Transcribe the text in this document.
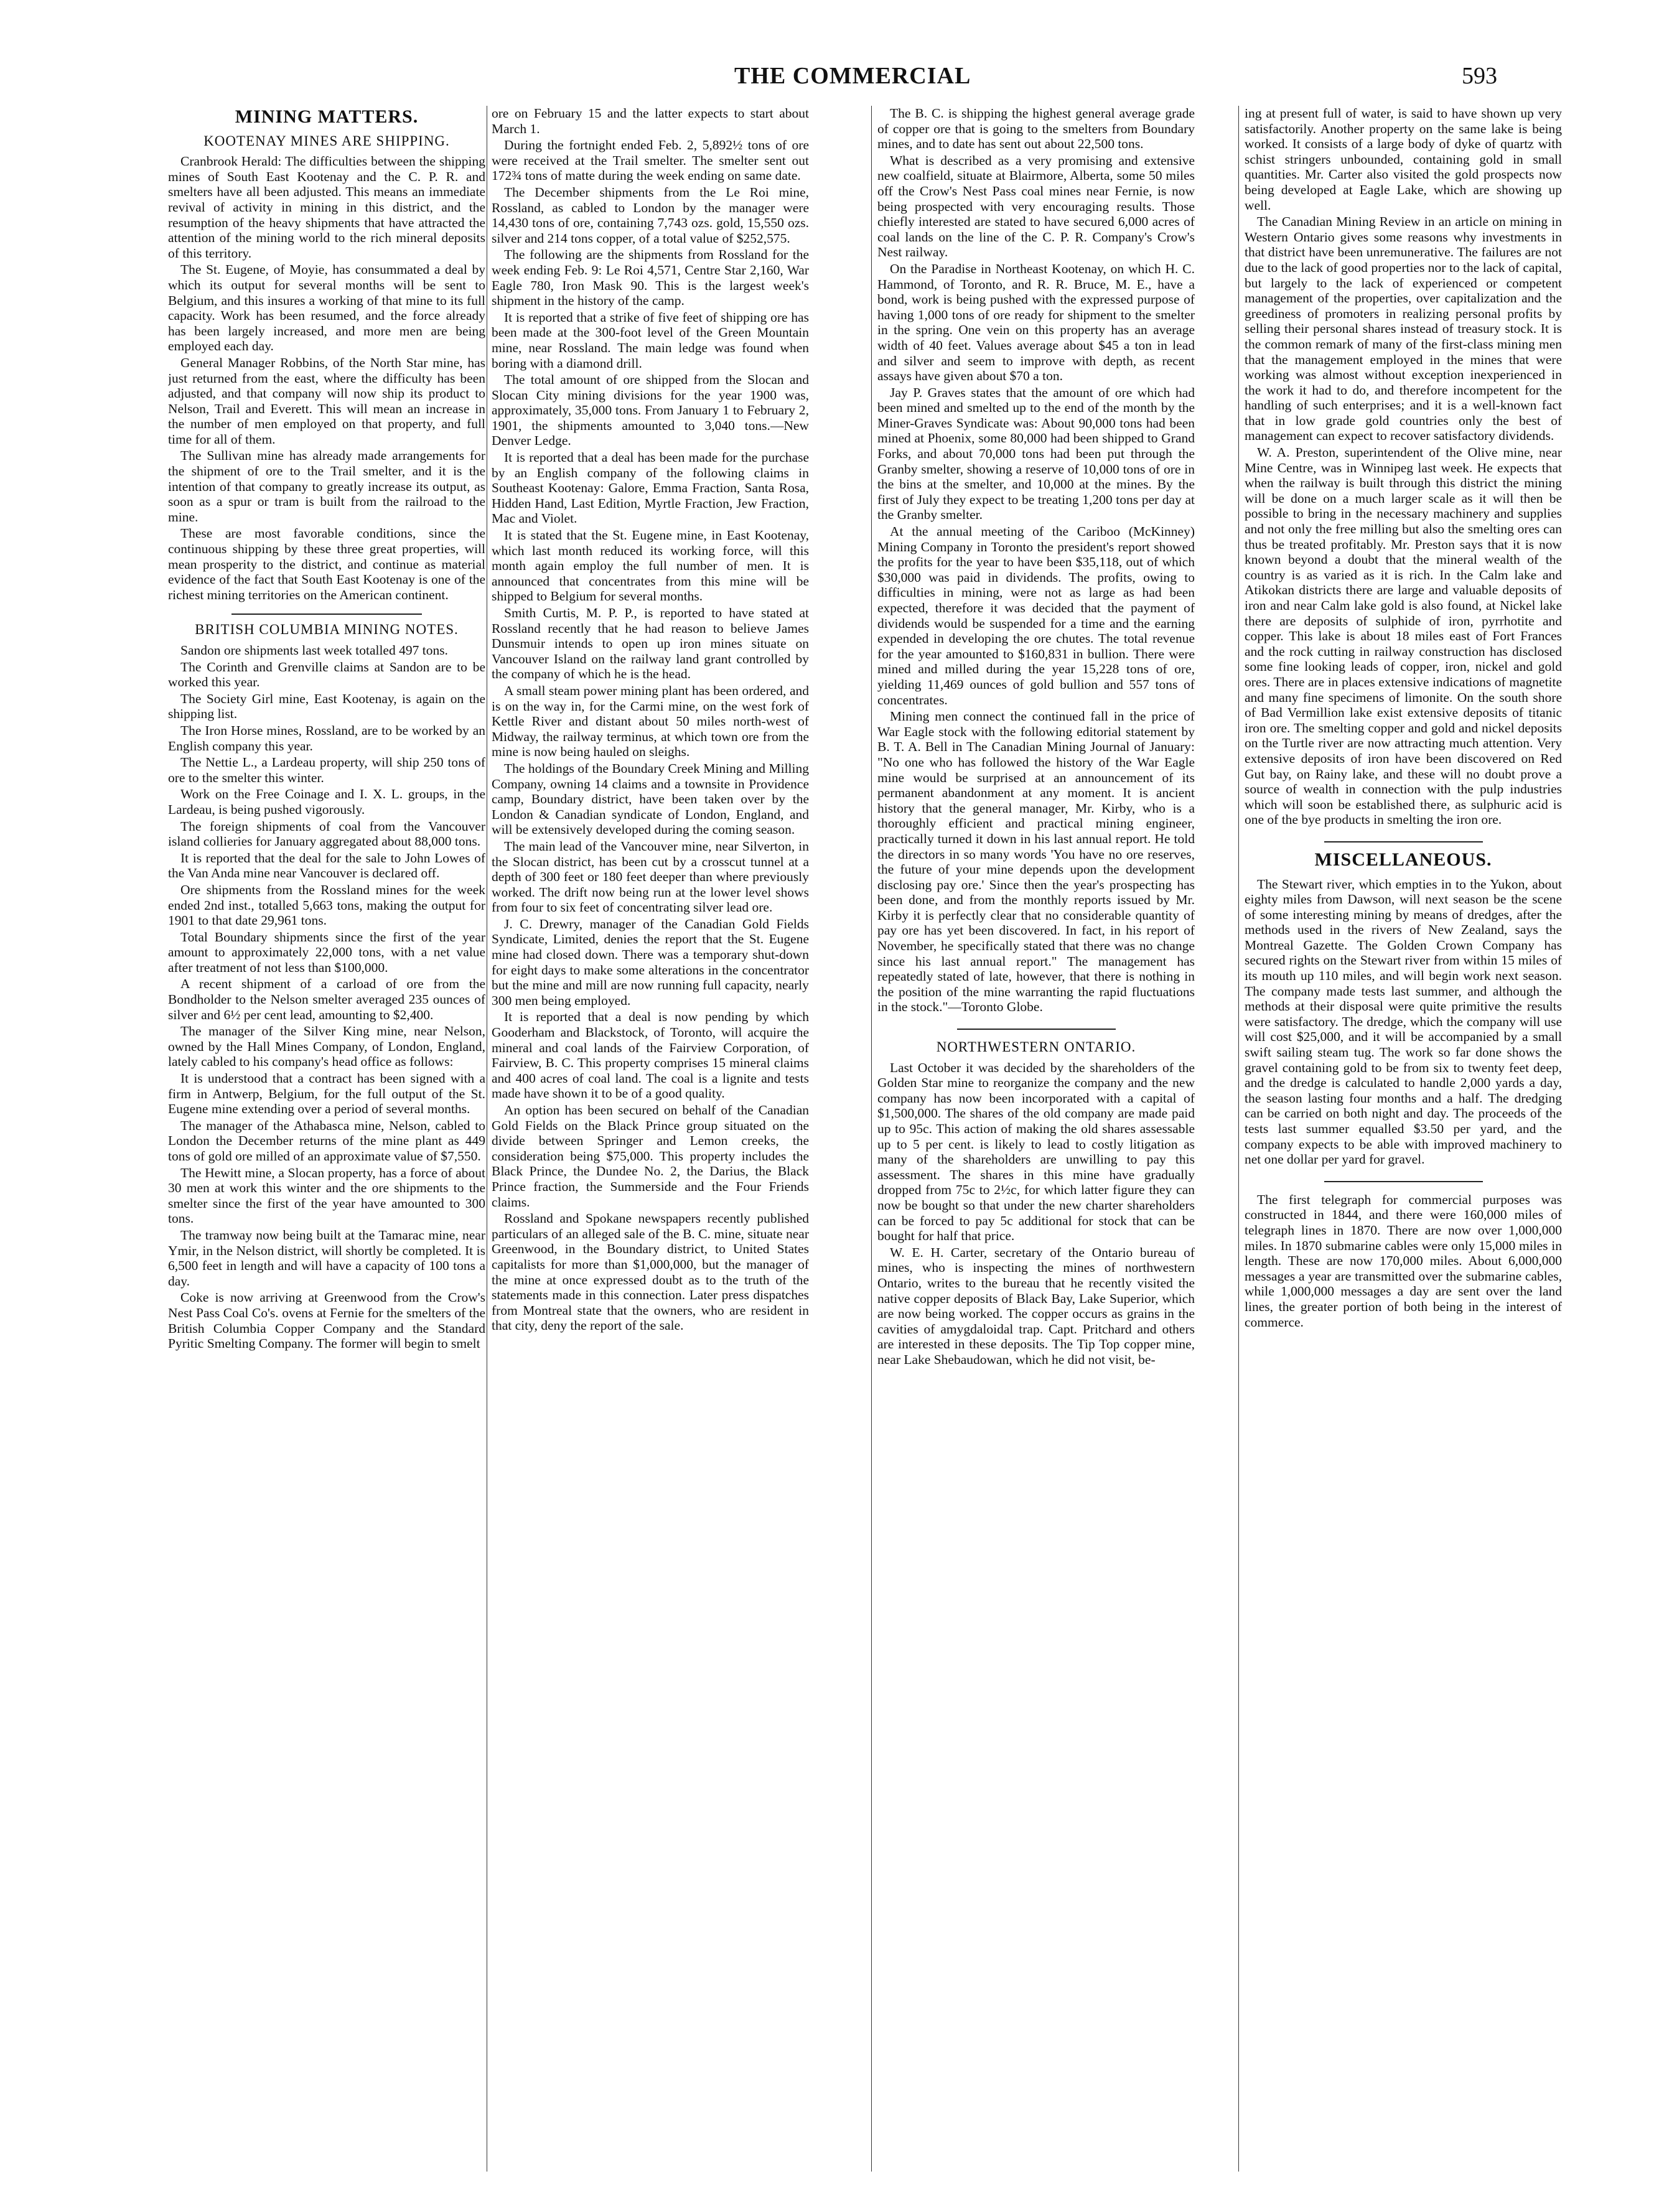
THE COMMERCIAL	593
MINING MATTERS.
KOOTENAY MINES ARE SHIPPING.

Cranbrook Herald: The difficulties between the shipping mines of South East Kootenay and the C. P. R. and smelters have all been adjusted. This means an immediate revival of activity in mining in this district, and the resumption of the heavy shipments that have attracted the attention of the mining world to the rich mineral deposits of this territory.

The St. Eugene, of Moyie, has consummated a deal by which its output for several months will be sent to Belgium, and this insures a working of that mine to its full capacity. Work has been resumed, and the force already has been largely increased, and more men are being employed each day.

General Manager Robbins, of the North Star mine, has just returned from the east, where the difficulty has been adjusted, and that company will now ship its product to Nelson, Trail and Everett. This will mean an increase in the number of men employed on that property, and full time for all of them.

The Sullivan mine has already made arrangements for the shipment of ore to the Trail smelter, and it is the intention of that company to greatly increase its output, as soon as a spur or tram is built from the railroad to the mine.

These are most favorable conditions, since the continuous shipping by these three great properties, will mean prosperity to the district, and continue as material evidence of the fact that South East Kootenay is one of the richest mining territories on the American continent.

BRITISH COLUMBIA MINING NOTES.

Sandon ore shipments last week totalled 497 tons.

The Corinth and Grenville claims at Sandon are to be worked this year.

The Society Girl mine, East Kootenay, is again on the shipping list.

The Iron Horse mines, Rossland, are to be worked by an English company this year.

The Nettie L., a Lardeau property, will ship 250 tons of ore to the smelter this winter.

Work on the Free Coinage and I. X. L. groups, in the Lardeau, is being pushed vigorously.

The foreign shipments of coal from the Vancouver island collieries for January aggregated about 88,000 tons.

It is reported that the deal for the sale to John Lowes of the Van Anda mine near Vancouver is declared off.

Ore shipments from the Rossland mines for the week ended 2nd inst., totalled 5,663 tons, making the output for 1901 to that date 29,961 tons.

Total Boundary shipments since the first of the year amount to approximately 22,000 tons, with a net value after treatment of not less than $100,000.

A recent shipment of a carload of ore from the Bondholder to the Nelson smelter averaged 235 ounces of silver and 6½ per cent lead, amounting to $2,400.

The manager of the Silver King mine, near Nelson, owned by the Hall Mines Company, of London, England, lately cabled to his company's head office as follows:

It is understood that a contract has been signed with a firm in Antwerp, Belgium, for the full output of the St. Eugene mine extending over a period of several months.

The manager of the Athabasca mine, Nelson, cabled to London the December returns of the mine plant as 449 tons of gold ore milled of an approximate value of $7,550.

The Hewitt mine, a Slocan property, has a force of about 30 men at work this winter and the ore shipments to the smelter since the first of the year have amounted to 300 tons.

The tramway now being built at the Tamarac mine, near Ymir, in the Nelson district, will shortly be completed. It is 6,500 feet in length and will have a capacity of 100 tons a day.

Coke is now arriving at Greenwood from the Crow's Nest Pass Coal Co's. ovens at Fernie for the smelters of the British Columbia Copper Company and the Standard Pyritic Smelting Company. The former will begin to smelt

ore on February 15 and the latter expects to start about March 1.

During the fortnight ended Feb. 2, 5,892½ tons of ore were received at the Trail smelter. The smelter sent out 172¾ tons of matte during the week ending on same date.

The December shipments from the Le Roi mine, Rossland, as cabled to London by the manager were 14,430 tons of ore, containing 7,743 ozs. gold, 15,550 ozs. silver and 214 tons copper, of a total value of $252,575.

The following are the shipments from Rossland for the week ending Feb. 9: Le Roi 4,571, Centre Star 2,160, War Eagle 780, Iron Mask 90. This is the largest week's shipment in the history of the camp.

It is reported that a strike of five feet of shipping ore has been made at the 300-foot level of the Green Mountain mine, near Rossland. The main ledge was found when boring with a diamond drill.

The total amount of ore shipped from the Slocan and Slocan City mining divisions for the year 1900 was, approximately, 35,000 tons. From January 1 to February 2, 1901, the shipments amounted to 3,040 tons.—New Denver Ledge.

It is reported that a deal has been made for the purchase by an English company of the following claims in Southeast Kootenay: Galore, Emma Fraction, Santa Rosa, Hidden Hand, Last Edition, Myrtle Fraction, Jew Fraction, Mac and Violet.

It is stated that the St. Eugene mine, in East Kootenay, which last month reduced its working force, will this month again employ the full number of men. It is announced that concentrates from this mine will be shipped to Belgium for several months.

Smith Curtis, M. P. P., is reported to have stated at Rossland recently that he had reason to believe James Dunsmuir intends to open up iron mines situate on Vancouver Island on the railway land grant controlled by the company of which he is the head.

A small steam power mining plant has been ordered, and is on the way in, for the Carmi mine, on the west fork of Kettle River and distant about 50 miles north-west of Midway, the railway terminus, at which town ore from the mine is now being hauled on sleighs.

The holdings of the Boundary Creek Mining and Milling Company, owning 14 claims and a townsite in Providence camp, Boundary district, have been taken over by the London & Canadian syndicate of London, England, and will be extensively developed during the coming season.

The main lead of the Vancouver mine, near Silverton, in the Slocan district, has been cut by a crosscut tunnel at a depth of 300 feet or 180 feet deeper than where previously worked. The drift now being run at the lower level shows from four to six feet of concentrating silver lead ore.

J. C. Drewry, manager of the Canadian Gold Fields Syndicate, Limited, denies the report that the St. Eugene mine had closed down. There was a temporary shut-down for eight days to make some alterations in the concentrator but the mine and mill are now running full capacity, nearly 300 men being employed.

It is reported that a deal is now pending by which Gooderham and Blackstock, of Toronto, will acquire the mineral and coal lands of the Fairview Corporation, of Fairview, B. C. This property comprises 15 mineral claims and 400 acres of coal land. The coal is a lignite and tests made have shown it to be of a good quality.

An option has been secured on behalf of the Canadian Gold Fields on the Black Prince group situated on the divide between Springer and Lemon creeks, the consideration being $75,000. This property includes the Black Prince, the Dundee No. 2, the Darius, the Black Prince fraction, the Summerside and the Four Friends claims.

Rossland and Spokane newspapers recently published particulars of an alleged sale of the B. C. mine, situate near Greenwood, in the Boundary district, to United States capitalists for more than $1,000,000, but the manager of the mine at once expressed doubt as to the truth of the statements made in this connection. Later press dispatches from Montreal state that the owners, who are resident in that city, deny the report of the sale.

The B. C. is shipping the highest general average grade of copper ore that is going to the smelters from Boundary mines, and to date has sent out about 22,500 tons.

What is described as a very promising and extensive new coalfield, situate at Blairmore, Alberta, some 50 miles off the Crow's Nest Pass coal mines near Fernie, is now being prospected with very encouraging results. Those chiefly interested are stated to have secured 6,000 acres of coal lands on the line of the C. P. R. Company's Crow's Nest railway.

On the Paradise in Northeast Kootenay, on which H. C. Hammond, of Toronto, and R. R. Bruce, M. E., have a bond, work is being pushed with the expressed purpose of having 1,000 tons of ore ready for shipment to the smelter in the spring. One vein on this property has an average width of 40 feet. Values average about $45 a ton in lead and silver and seem to improve with depth, as recent assays have given about $70 a ton.

Jay P. Graves states that the amount of ore which had been mined and smelted up to the end of the month by the Miner-Graves Syndicate was: About 90,000 tons had been mined at Phoenix, some 80,000 had been shipped to Grand Forks, and about 70,000 tons had been put through the Granby smelter, showing a reserve of 10,000 tons of ore in the bins at the smelter, and 10,000 at the mines. By the first of July they expect to be treating 1,200 tons per day at the Granby smelter.

At the annual meeting of the Cariboo (McKinney) Mining Company in Toronto the president's report showed the profits for the year to have been $35,118, out of which $30,000 was paid in dividends. The profits, owing to difficulties in mining, were not as large as had been expected, therefore it was decided that the payment of dividends would be suspended for a time and the earning expended in developing the ore chutes. The total revenue for the year amounted to $160,831 in bullion. There were mined and milled during the year 15,228 tons of ore, yielding 11,469 ounces of gold bullion and 557 tons of concentrates.

Mining men connect the continued fall in the price of War Eagle stock with the following editorial statement by B. T. A. Bell in The Canadian Mining Journal of January: "No one who has followed the history of the War Eagle mine would be surprised at an announcement of its permanent abandonment at any moment. It is ancient history that the general manager, Mr. Kirby, who is a thoroughly efficient and practical mining engineer, practically turned it down in his last annual report. He told the directors in so many words 'You have no ore reserves, the future of your mine depends upon the development disclosing pay ore.' Since then the year's prospecting has been done, and from the monthly reports issued by Mr. Kirby it is perfectly clear that no considerable quantity of pay ore has yet been discovered. In fact, in his report of November, he specifically stated that there was no change since his last annual report." The management has repeatedly stated of late, however, that there is nothing in the position of the mine warranting the rapid fluctuations in the stock."—Toronto Globe.

NORTHWESTERN ONTARIO.

Last October it was decided by the shareholders of the Golden Star mine to reorganize the company and the new company has now been incorporated with a capital of $1,500,000. The shares of the old company are made paid up to 95c. This action of making the old shares assessable up to 5 per cent. is likely to lead to costly litigation as many of the shareholders are unwilling to pay this assessment. The shares in this mine have gradually dropped from 75c to 2½c, for which latter figure they can now be bought so that under the new charter shareholders can be forced to pay 5c additional for stock that can be bought for half that price.

W. E. H. Carter, secretary of the Ontario bureau of mines, who is inspecting the mines of northwestern Ontario, writes to the bureau that he recently visited the native copper deposits of Black Bay, Lake Superior, which are now being worked. The copper occurs as grains in the cavities of amygdaloidal trap. Capt. Pritchard and others are interested in these deposits. The Tip Top copper mine, near Lake Shebaudowan, which he did not visit, be-

ing at present full of water, is said to have shown up very satisfactorily. Another property on the same lake is being worked. It consists of a large body of dyke of quartz with schist stringers unbounded, containing gold in small quantities. Mr. Carter also visited the gold prospects now being developed at Eagle Lake, which are showing up well.

The Canadian Mining Review in an article on mining in Western Ontario gives some reasons why investments in that district have been unremunerative. The failures are not due to the lack of good properties nor to the lack of capital, but largely to the lack of experienced or competent management of the properties, over capitalization and the greediness of promoters in realizing personal profits by selling their personal shares instead of treasury stock. It is the common remark of many of the first-class mining men that the management employed in the mines that were working was almost without exception inexperienced in the work it had to do, and therefore incompetent for the handling of such enterprises; and it is a well-known fact that in low grade gold countries only the best of management can expect to recover satisfactory dividends.

W. A. Preston, superintendent of the Olive mine, near Mine Centre, was in Winnipeg last week. He expects that when the railway is built through this district the mining will be done on a much larger scale as it will then be possible to bring in the necessary machinery and supplies and not only the free milling but also the smelting ores can thus be treated profitably. Mr. Preston says that it is now known beyond a doubt that the mineral wealth of the country is as varied as it is rich. In the Calm lake and Atikokan districts there are large and valuable deposits of iron and near Calm lake gold is also found, at Nickel lake there are deposits of sulphide of iron, pyrrhotite and copper. This lake is about 18 miles east of Fort Frances and the rock cutting in railway construction has disclosed some fine looking leads of copper, iron, nickel and gold ores. There are in places extensive indications of magnetite and many fine specimens of limonite. On the south shore of Bad Vermillion lake exist extensive deposits of titanic iron ore. The smelting copper and gold and nickel deposits on the Turtle river are now attracting much attention. Very extensive deposits of iron have been discovered on Red Gut bay, on Rainy lake, and these will no doubt prove a source of wealth in connection with the pulp industries which will soon be established there, as sulphuric acid is one of the bye products in smelting the iron ore.

MISCELLANEOUS.

The Stewart river, which empties in to the Yukon, about eighty miles from Dawson, will next season be the scene of some interesting mining by means of dredges, after the methods used in the rivers of New Zealand, says the Montreal Gazette. The Golden Crown Company has secured rights on the Stewart river from within 15 miles of its mouth up 110 miles, and will begin work next season. The company made tests last summer, and although the methods at their disposal were quite primitive the results were satisfactory. The dredge, which the company will use will cost $25,000, and it will be accompanied by a small swift sailing steam tug. The work so far done shows the gravel containing gold to be from six to twenty feet deep, and the dredge is calculated to handle 2,000 yards a day, the season lasting four months and a half. The dredging can be carried on both night and day. The proceeds of the tests last summer equalled $3.50 per yard, and the company expects to be able with improved machinery to net one dollar per yard for gravel.

The first telegraph for commercial purposes was constructed in 1844, and there were 160,000 miles of telegraph lines in 1870. There are now over 1,000,000 miles. In 1870 submarine cables were only 15,000 miles in length. These are now 170,000 miles. About 6,000,000 messages a year are transmitted over the submarine cables, while 1,000,000 messages a day are sent over the land lines, the greater portion of both being in the interest of commerce.
